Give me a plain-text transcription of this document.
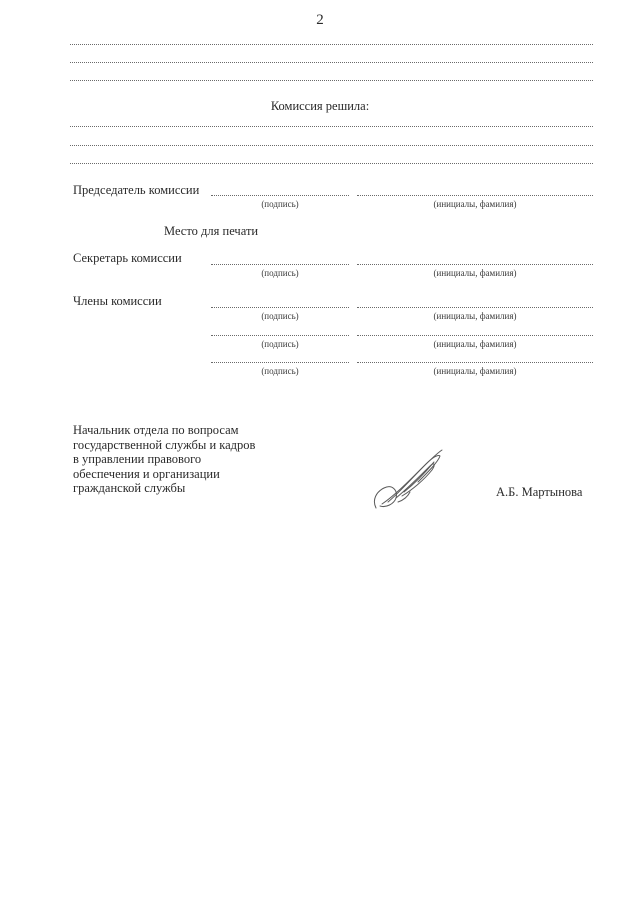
2
Комиссия решила:
Председатель комиссии
(подпись)	(инициалы, фамилия)
Место для печати
Секретарь комиссии
(подпись)	(инициалы, фамилия)
Члены комиссии
(подпись)	(инициалы, фамилия)
(подпись)	(инициалы, фамилия)
(подпись)	(инициалы, фамилия)
Начальник отдела по вопросам
государственной службы и кадров
в управлении правового
обеспечения и организации
гражданской службы	А.Б. Мартынова
